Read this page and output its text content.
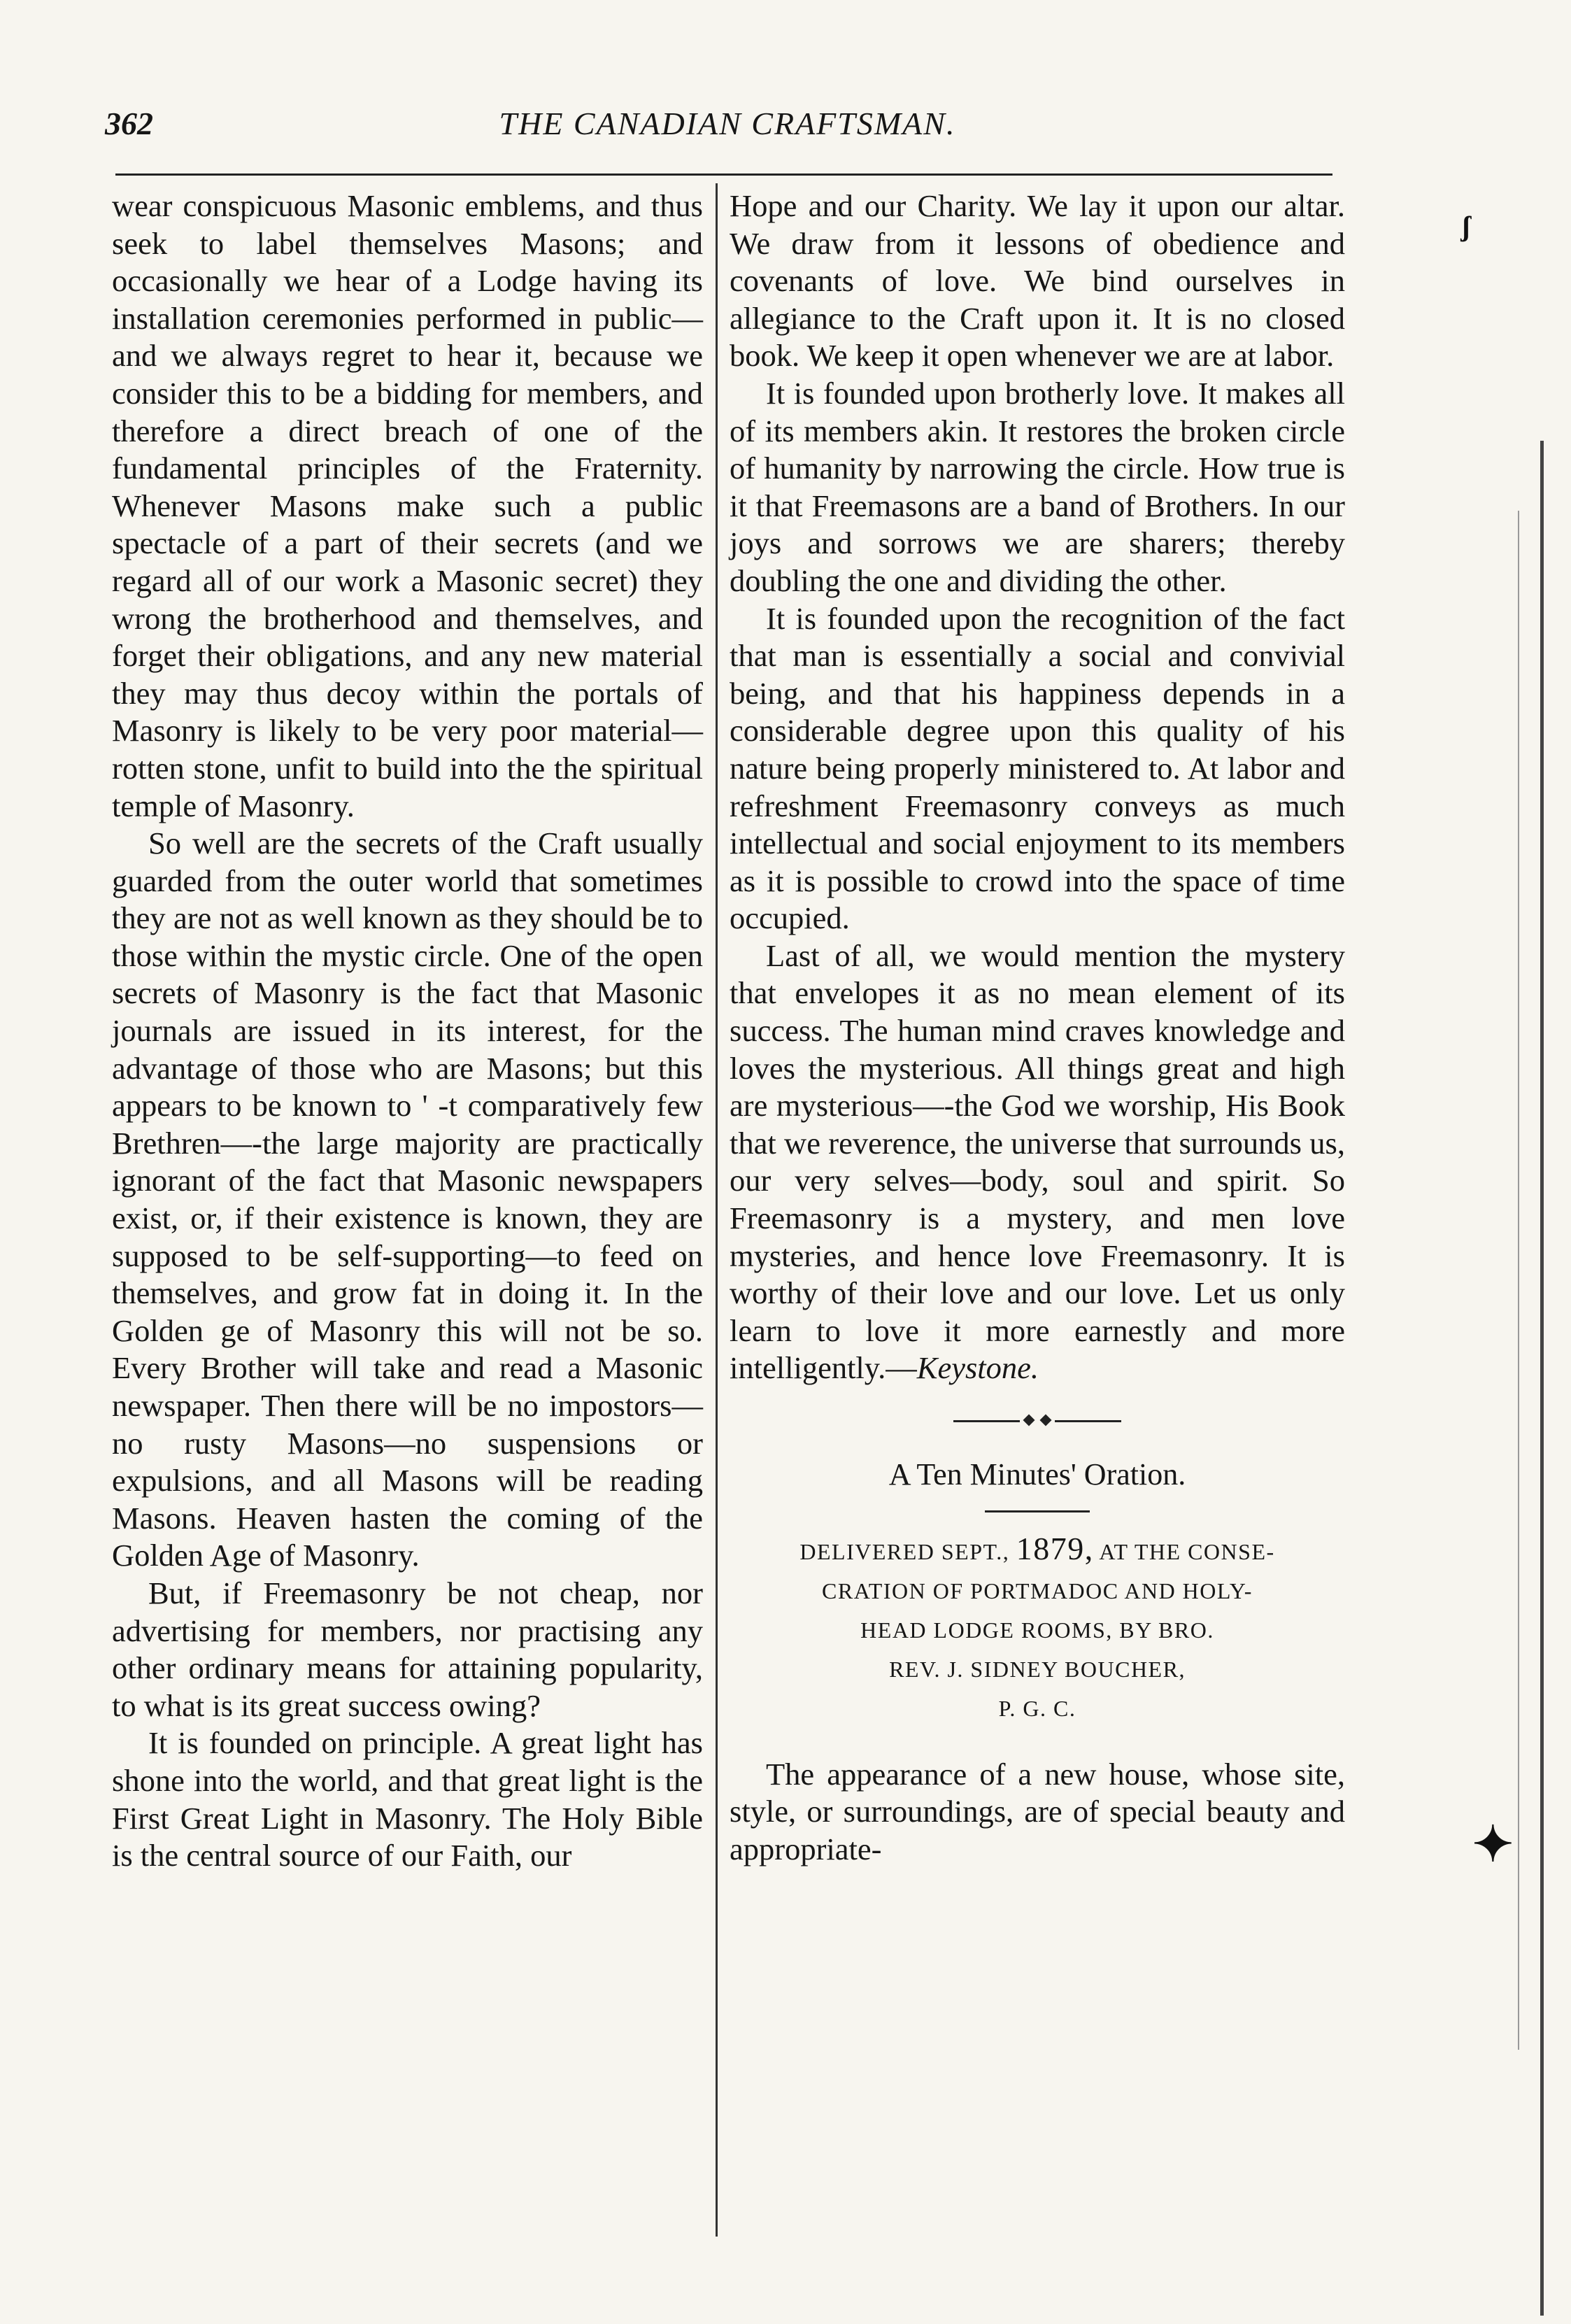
362	THE CANADIAN CRAFTSMAN.

wear conspicuous Masonic emblems, and thus seek to label themselves Masons; and occasionally we hear of a Lodge having its installation ceremonies performed in public—and we always regret to hear it, because we consider this to be a bidding for members, and therefore a direct breach of one of the fundamental principles of the Fraternity. Whenever Masons make such a public spectacle of a part of their secrets (and we regard all of our work a Masonic secret) they wrong the brotherhood and themselves, and forget their obligations, and any new material they may thus decoy within the portals of Masonry is likely to be very poor material—rotten stone, unfit to build into the the spiritual temple of Masonry.

So well are the secrets of the Craft usually guarded from the outer world that sometimes they are not as well known as they should be to those within the mystic circle. One of the open secrets of Masonry is the fact that Masonic journals are issued in its interest, for the advantage of those who are Masons; but this appears to be known to ' -t comparatively few Brethren—-the large majority are practically ignorant of the fact that Masonic newspapers exist, or, if their existence is known, they are supposed to be self-supporting—to feed on themselves, and grow fat in doing it. In the Golden ge of Masonry this will not be so. Every Brother will take and read a Masonic newspaper. Then there will be no impostors—no rusty Masons—no suspensions or expulsions, and all Masons will be reading Masons. Heaven hasten the coming of the Golden Age of Masonry.

But, if Freemasonry be not cheap, nor advertising for members, nor practising any other ordinary means for attaining popularity, to what is its great success owing?

It is founded on principle. A great light has shone into the world, and that great light is the First Great Light in Masonry. The Holy Bible is the central source of our Faith, our

Hope and our Charity. We lay it upon our altar. We draw from it lessons of obedience and covenants of love. We bind ourselves in allegiance to the Craft upon it. It is no closed book. We keep it open whenever we are at labor.

It is founded upon brotherly love. It makes all of its members akin. It restores the broken circle of humanity by narrowing the circle. How true is it that Freemasons are a band of Brothers. In our joys and sorrows we are sharers; thereby doubling the one and dividing the other.

It is founded upon the recognition of the fact that man is essentially a social and convivial being, and that his happiness depends in a considerable degree upon this quality of his nature being properly ministered to. At labor and refreshment Freemasonry conveys as much intellectual and social enjoyment to its members as it is possible to crowd into the space of time occupied.

Last of all, we would mention the mystery that envelopes it as no mean element of its success. The human mind craves knowledge and loves the mysterious. All things great and high are mysterious—-the God we worship, His Book that we reverence, the universe that surrounds us, our very selves—body, soul and spirit. So Freemasonry is a mystery, and men love mysteries, and hence love Freemasonry. It is worthy of their love and our love. Let us only learn to love it more earnestly and more intelligently.—Keystone.

A Ten Minutes' Oration.
DELIVERED SEPT., 1879, AT THE CONSE-
CRATION OF PORTMADOC AND HOLY-
HEAD LODGE ROOMS, BY BRO.
REV. J. SIDNEY BOUCHER,
P. G. C.

The appearance of a new house, whose site, style, or surroundings, are of special beauty and appropriate-

ʃ
✦
